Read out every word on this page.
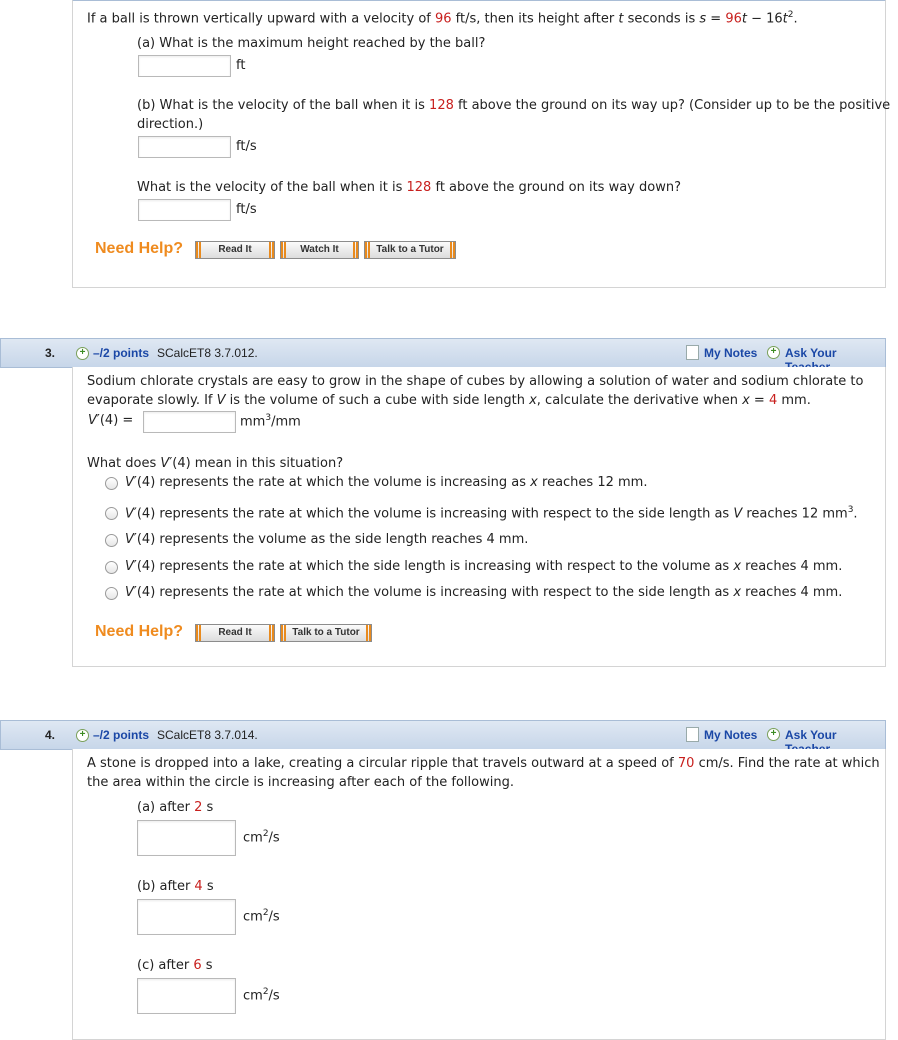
If a ball is thrown vertically upward with a velocity of 96 ft/s, then its height after t seconds is $s = 96t - 16t^2$.
(a) What is the maximum height reached by the ball?
ft
(b) What is the velocity of the ball when it is 128 ft above the ground on its way up? (Consider up to be the positive
direction.)
ft/s
What is the velocity of the ball when it is 128 ft above the ground on its way down?
ft/s
Need Help?	Read It	Watch It	Talk to a Tutor
3.	+ –/2 points SCalcET8 3.7.012.	My Notes	+ Ask Your
Sodium chlorate crystals are easy to grow in the shape of cubes by allowing a solution of water and sodium chlorate to
evaporate slowly. If V is the volume of such a cube with side length x, calculate the derivative when x = 4 mm.
V′(4) =	$mm^3/mm$
What does V′(4) mean in this situation?
V′(4) represents the rate at which the volume is increasing as x reaches 12 mm.
V′(4) represents the rate at which the volume is increasing with respect to the side length as V reaches 12 $mm^3$.
V′(4) represents the volume as the side length reaches 4 mm.
V′(4) represents the rate at which the side length is increasing with respect to the volume as x reaches 4 mm.
V′(4) represents the rate at which the volume is increasing with respect to the side length as x reaches 4 mm.
Need Help?	Read It	Talk to a Tutor
4.	+ –/2 points SCalcET8 3.7.014.	My Notes	+ Ask Your
A stone is dropped into a lake, creating a circular ripple that travels outward at a speed of 70 cm/s. Find the rate at which
the area within the circle is increasing after each of the following.
(a) after 2 s
$cm^2/s$
(b) after 4 s
$cm^2/s$
(c) after 6 s
$cm^2/s$
